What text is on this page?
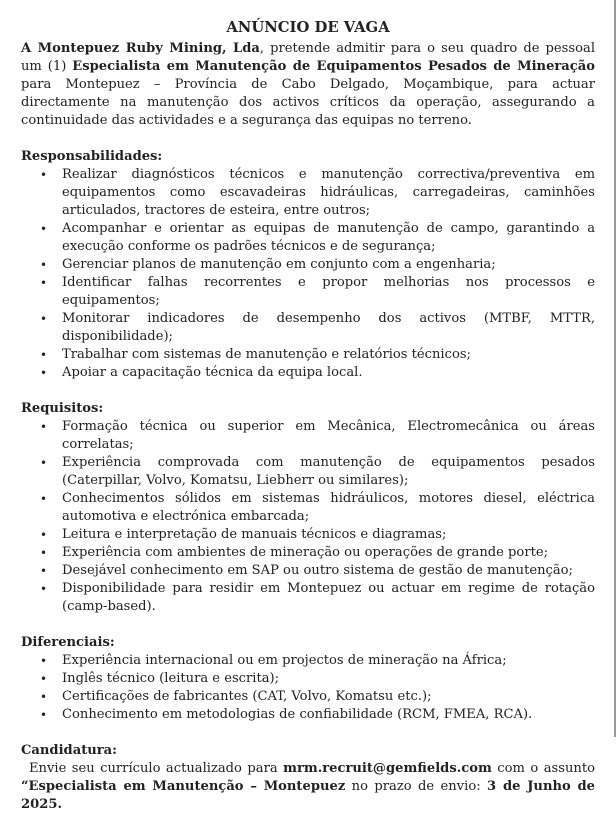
ANÚNCIO DE VAGA

A Montepuez Ruby Mining, Lda, pretende admitir para o seu quadro de pessoal um (1) Especialista em Manutenção de Equipamentos Pesados de Mineração para Montepuez – Província de Cabo Delgado, Moçambique, para actuar directamente na manutenção dos activos críticos da operação, assegurando a continuidade das actividades e a segurança das equipas no terreno.

Responsabilidades:
• Realizar diagnósticos técnicos e manutenção correctiva/preventiva em equipamentos como escavadeiras hidráulicas, carregadeiras, caminhões articulados, tractores de esteira, entre outros;
• Acompanhar e orientar as equipas de manutenção de campo, garantindo a execução conforme os padrões técnicos e de segurança;
• Gerenciar planos de manutenção em conjunto com a engenharia;
• Identificar falhas recorrentes e propor melhorias nos processos e equipamentos;
• Monitorar indicadores de desempenho dos activos (MTBF, MTTR, disponibilidade);
• Trabalhar com sistemas de manutenção e relatórios técnicos;
• Apoiar a capacitação técnica da equipa local.
Requisitos:
• Formação técnica ou superior em Mecânica, Electromecânica ou áreas correlatas;
• Experiência comprovada com manutenção de equipamentos pesados (Caterpillar, Volvo, Komatsu, Liebherr ou similares);
• Conhecimentos sólidos em sistemas hidráulicos, motores diesel, eléctrica automotiva e electrónica embarcada;
• Leitura e interpretação de manuais técnicos e diagramas;
• Experiência com ambientes de mineração ou operações de grande porte;
• Desejável conhecimento em SAP ou outro sistema de gestão de manutenção;
• Disponibilidade para residir em Montepuez ou actuar em regime de rotação (camp-based).
Diferenciais:
• Experiência internacional ou em projectos de mineração na África;
• Inglês técnico (leitura e escrita);
• Certificações de fabricantes (CAT, Volvo, Komatsu etc.);
• Conhecimento em metodologias de confiabilidade (RCM, FMEA, RCA).
Candidatura:

Envie seu currículo actualizado para mrm.recruit@gemfields.com com o assunto “Especialista em Manutenção – Montepuez no prazo de envio: 3 de Junho de 2025.
